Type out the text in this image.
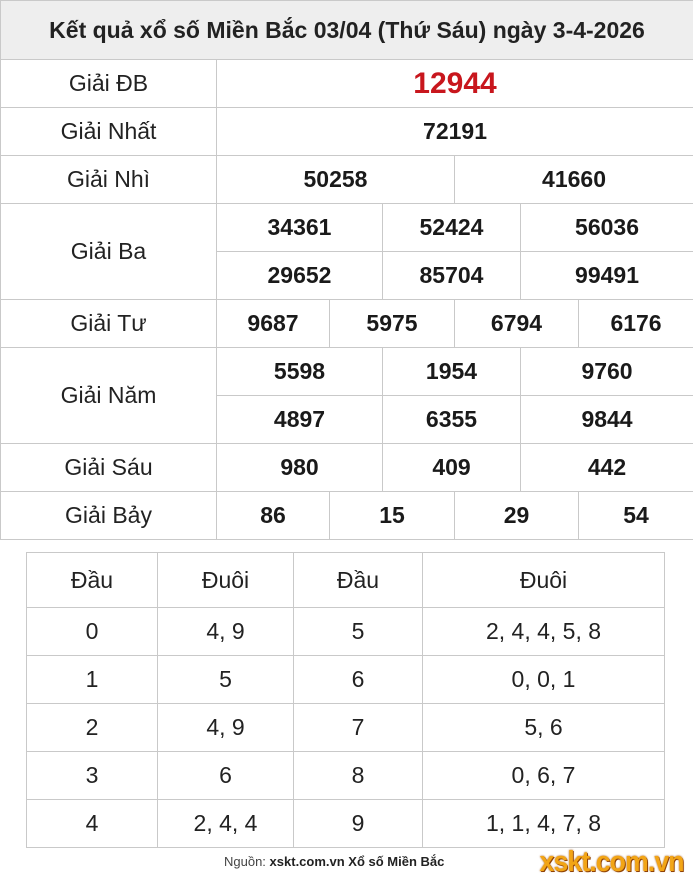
Kết quả xổ số Miền Bắc 03/04 (Thứ Sáu) ngày 3-4-2026						
Giải ĐB	12944					
Giải Nhất	72191					
Giải Nhì	50258			41660		
Giải Ba	34361		52424		56036	
	29652		85704		99491	
Giải Tư	9687	5975		6794		6176
Giải Năm	5598		1954		9760	
	4897		6355		9844	
Giải Sáu	980		409		442	
Giải Bảy	86	15		29		54
Đầu	Đuôi	Đầu	Đuôi
0	4, 9	5	2, 4, 4, 5, 8
1	5	6	0, 0, 1
2	4, 9	7	5, 6
3	6	8	0, 6, 7
4	2, 4, 4	9	1, 1, 4, 7, 8
Nguồn: xskt.com.vn Xổ số Miền Bắc	xskt.com.vn
